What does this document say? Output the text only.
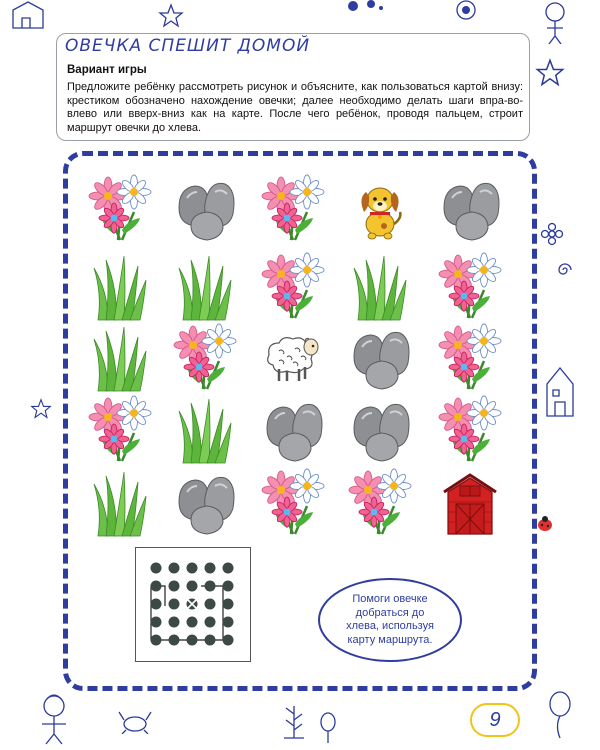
ОВЕЧКА СПЕШИТ ДОМОЙ
Вариант игры
Предложите ребёнку рассмотреть рисунок и объясните, как пользоваться картой внизу: крестиком обозначено нахождение овечки; далее необходимо делать шаги впра-во-влево или вверх-вниз как на карте. После чего ребёнок, проводя пальцем, строит маршрут овечки до хлева.
Помоги овечке добраться до хлева, используя карту маршрута.
9
